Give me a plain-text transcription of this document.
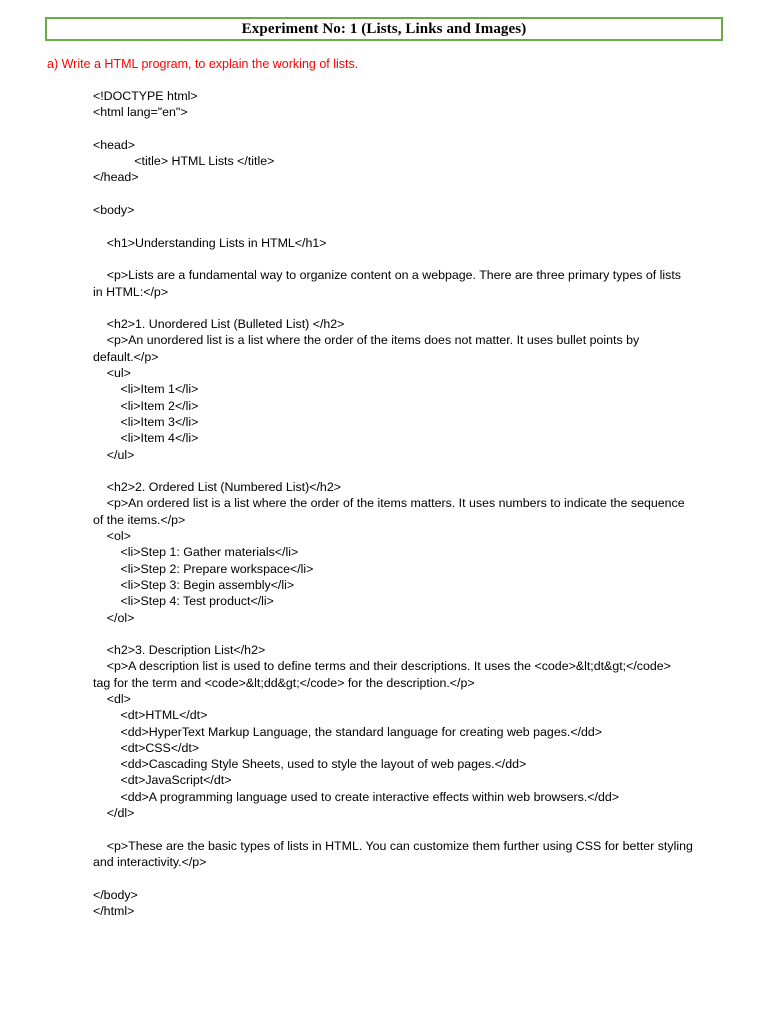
Experiment No: 1 (Lists, Links and Images)
a) Write a HTML program, to explain the working of lists.
<!DOCTYPE html>
<html lang="en">
<head>
<title> HTML Lists </title>
</head>
<body>
<h1>Understanding Lists in HTML</h1>
<p>Lists are a fundamental way to organize content on a webpage. There are three primary types of lists
in HTML:</p>
<h2>1. Unordered List (Bulleted List) </h2>
<p>An unordered list is a list where the order of the items does not matter. It uses bullet points by
default.</p>
<ul>
<li>Item 1</li>
<li>Item 2</li>
<li>Item 3</li>
<li>Item 4</li>
</ul>
<h2>2. Ordered List (Numbered List)</h2>
<p>An ordered list is a list where the order of the items matters. It uses numbers to indicate the sequence
of the items.</p>
<ol>
<li>Step 1: Gather materials</li>
<li>Step 2: Prepare workspace</li>
<li>Step 3: Begin assembly</li>
<li>Step 4: Test product</li>
</ol>
<h2>3. Description List</h2>
<p>A description list is used to define terms and their descriptions. It uses the <code>&lt;dt&gt;</code>
tag for the term and <code>&lt;dd&gt;</code> for the description.</p>
<dl>
<dt>HTML</dt>
<dd>HyperText Markup Language, the standard language for creating web pages.</dd>
<dt>CSS</dt>
<dd>Cascading Style Sheets, used to style the layout of web pages.</dd>
<dt>JavaScript</dt>
<dd>A programming language used to create interactive effects within web browsers.</dd>
</dl>
<p>These are the basic types of lists in HTML. You can customize them further using CSS for better styling
and interactivity.</p>
</body>
</html>
